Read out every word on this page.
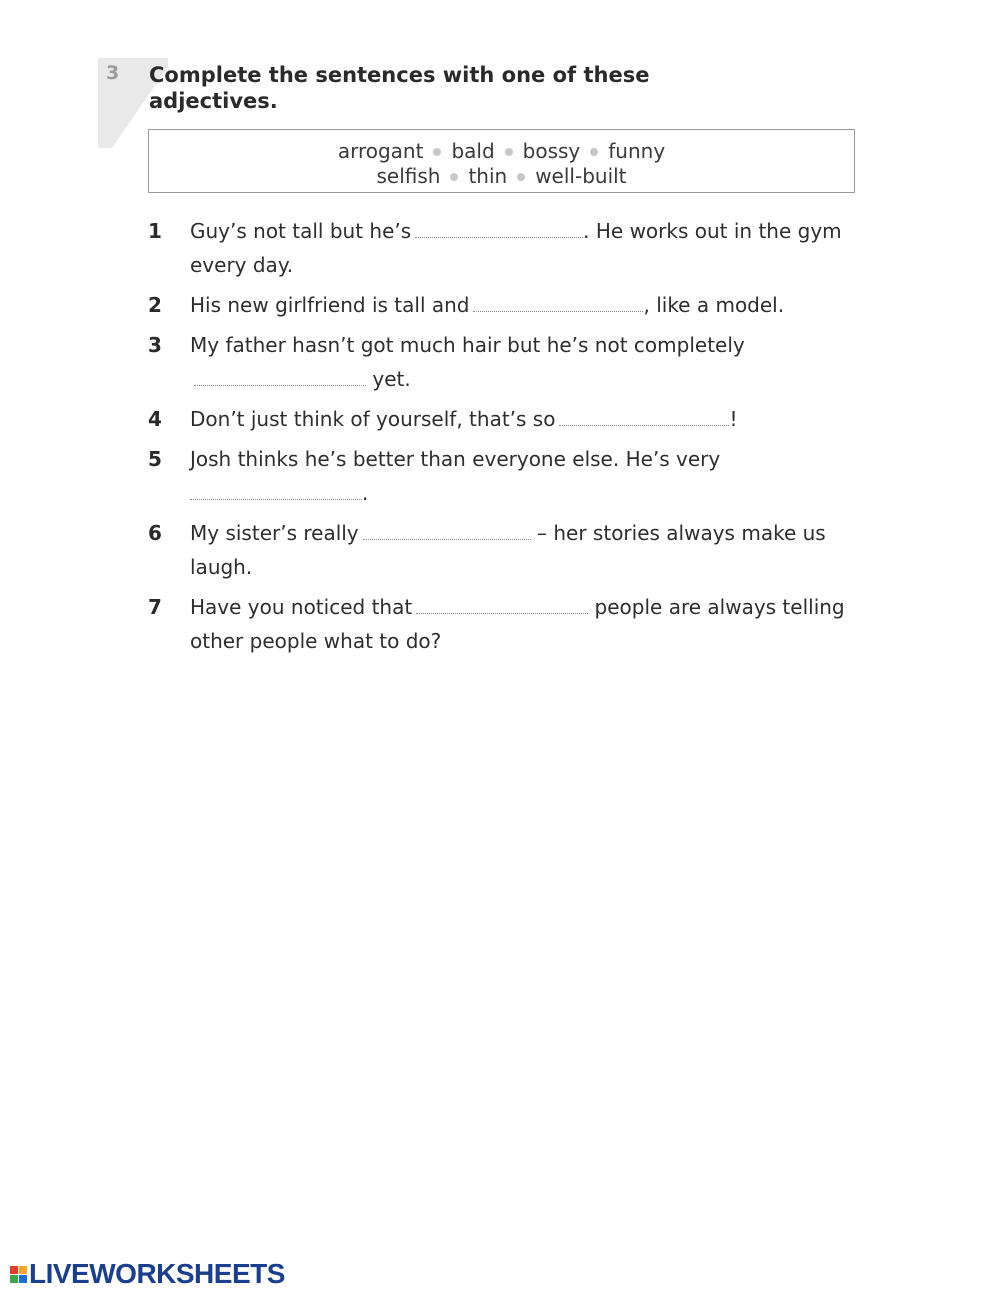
3 Complete the sentences with one of these
adjectives.
arrogant bald bossy funny
selfish thin well-built
1 Guy’s not tall but he’s	. He works out in the gym every day.
2 His new girlfriend is tall and	, like a model.
3 My father hasn’t got much hair but he’s not completely yet.
4 Don’t just think of yourself, that’s so	!
5 Josh thinks he’s better than everyone else. He’s very .
6 My sister’s really	– her stories always make us laugh.
7 Have you noticed that	people are always telling other people what to do?
LIVEWORKSHEETS
